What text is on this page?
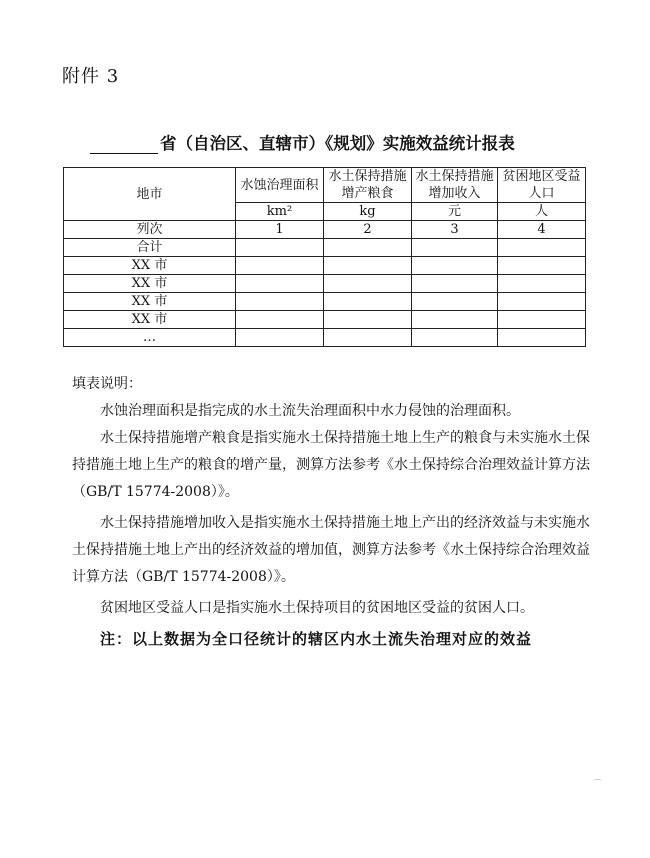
附件 3
省（自治区、直辖市）《规划》实施效益统计报表
地市	水蚀治理面积	水土保持措施增产粮食	水土保持措施增加收入	贫困地区受益人口
	km²	kg	元	人
列次	1	2	3	4
合计				
XX 市				
XX 市				
XX 市				
XX 市				
…				

填表说明：

水蚀治理面积是指完成的水土流失治理面积中水力侵蚀的治理面积。

水土保持措施增产粮食是指实施水土保持措施土地上生产的粮食与未实施水土保持措施土地上生产的粮食的增产量，测算方法参考《水土保持综合治理效益计算方法（GB/T 15774-2008）》。

水土保持措施增加收入是指实施水土保持措施土地上产出的经济效益与未实施水土保持措施土地上产出的经济效益的增加值，测算方法参考《水土保持综合治理效益计算方法（GB/T 15774-2008）》。

贫困地区受益人口是指实施水土保持项目的贫困地区受益的贫困人口。

注：以上数据为全口径统计的辖区内水土流失治理对应的效益
⌒
